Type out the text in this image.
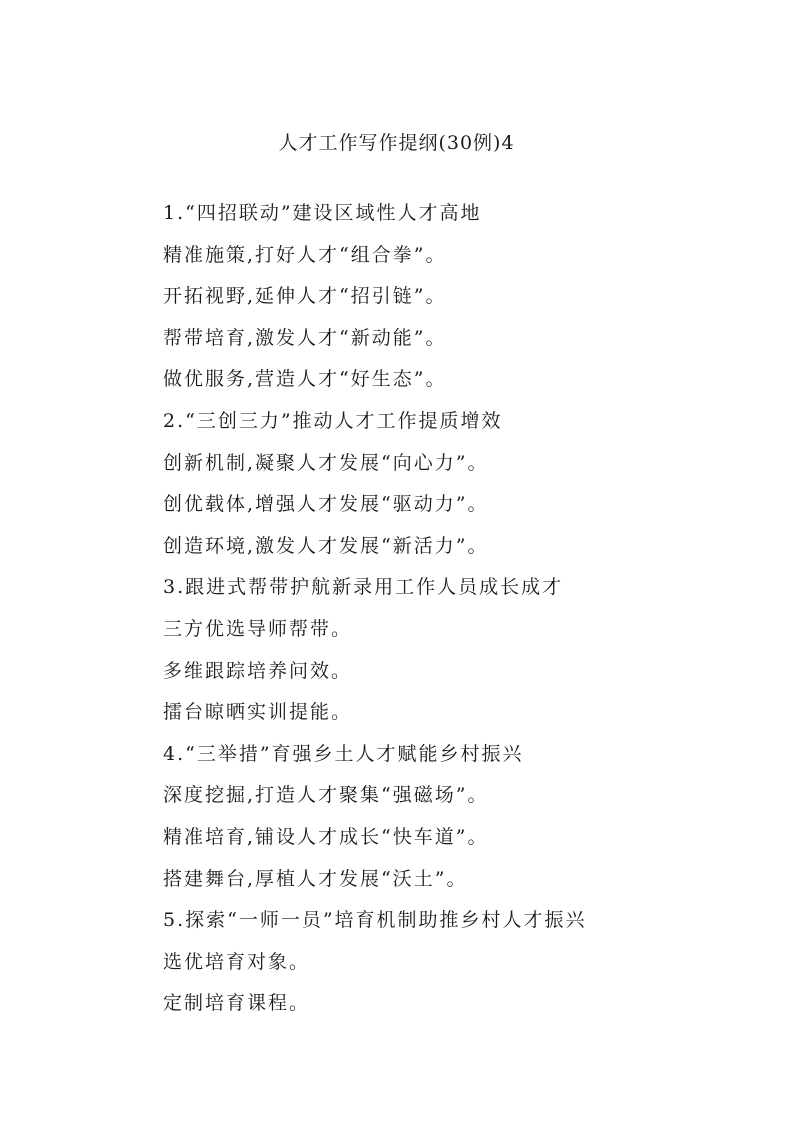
人才工作写作提纲(30例)4
1.“四招联动”建设区域性人才高地
精准施策,打好人才“组合拳”。
开拓视野,延伸人才“招引链”。
帮带培育,激发人才“新动能”。
做优服务,营造人才“好生态”。
2.“三创三力”推动人才工作提质增效
创新机制,凝聚人才发展“向心力”。
创优载体,增强人才发展“驱动力”。
创造环境,激发人才发展“新活力”。
3.跟进式帮带护航新录用工作人员成长成才
三方优选导师帮带。
多维跟踪培养问效。
擂台晾晒实训提能。
4.“三举措”育强乡土人才赋能乡村振兴
深度挖掘,打造人才聚集“强磁场”。
精准培育,铺设人才成长“快车道”。
搭建舞台,厚植人才发展“沃土”。
5.探索“一师一员”培育机制助推乡村人才振兴
选优培育对象。
定制培育课程。
